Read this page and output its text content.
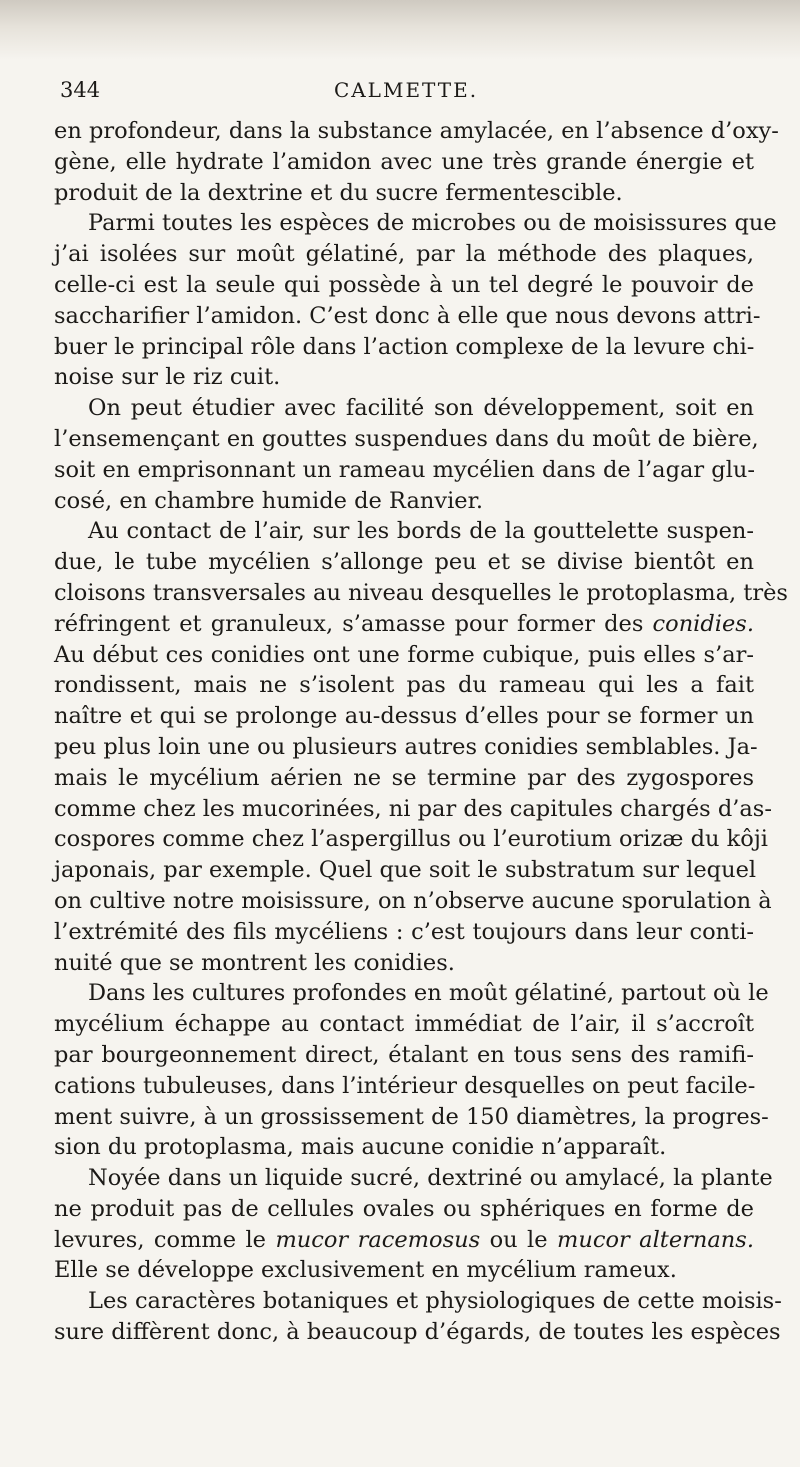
344	CALMETTE.

en profondeur, dans la substance amylacée, en l’absence d’oxy-
gène, elle hydrate l’amidon avec une très grande énergie et
produit de la dextrine et du sucre fermentescible.

Parmi toutes les espèces de microbes ou de moisissures que
j’ai isolées sur moût gélatiné, par la méthode des plaques,
celle-ci est la seule qui possède à un tel degré le pouvoir de
saccharifier l’amidon. C’est donc à elle que nous devons attri-
buer le principal rôle dans l’action complexe de la levure chi-
noise sur le riz cuit.

On peut étudier avec facilité son développement, soit en
l’ensemençant en gouttes suspendues dans du moût de bière,
soit en emprisonnant un rameau mycélien dans de l’agar glu-
cosé, en chambre humide de Ranvier.

Au contact de l’air, sur les bords de la gouttelette suspen-
due, le tube mycélien s’allonge peu et se divise bientôt en
cloisons transversales au niveau desquelles le protoplasma, très
réfringent et granuleux, s’amasse pour former des conidies.
Au début ces conidies ont une forme cubique, puis elles s’ar-
rondissent, mais ne s’isolent pas du rameau qui les a fait
naître et qui se prolonge au-dessus d’elles pour se former un
peu plus loin une ou plusieurs autres conidies semblables. Ja-
mais le mycélium aérien ne se termine par des zygospores
comme chez les mucorinées, ni par des capitules chargés d’as-
cospores comme chez l’aspergillus ou l’eurotium orizæ du kôji
japonais, par exemple. Quel que soit le substratum sur lequel
on cultive notre moisissure, on n’observe aucune sporulation à
l’extrémité des fils mycéliens : c’est toujours dans leur conti-
nuité que se montrent les conidies.

Dans les cultures profondes en moût gélatiné, partout où le
mycélium échappe au contact immédiat de l’air, il s’accroît
par bourgeonnement direct, étalant en tous sens des ramifi-
cations tubuleuses, dans l’intérieur desquelles on peut facile-
ment suivre, à un grossissement de 150 diamètres, la progres-
sion du protoplasma, mais aucune conidie n’apparaît.

Noyée dans un liquide sucré, dextriné ou amylacé, la plante
ne produit pas de cellules ovales ou sphériques en forme de
levures, comme le mucor racemosus ou le mucor alternans.
Elle se développe exclusivement en mycélium rameux.

Les caractères botaniques et physiologiques de cette moisis-
sure diffèrent donc, à beaucoup d’égards, de toutes les espèces
